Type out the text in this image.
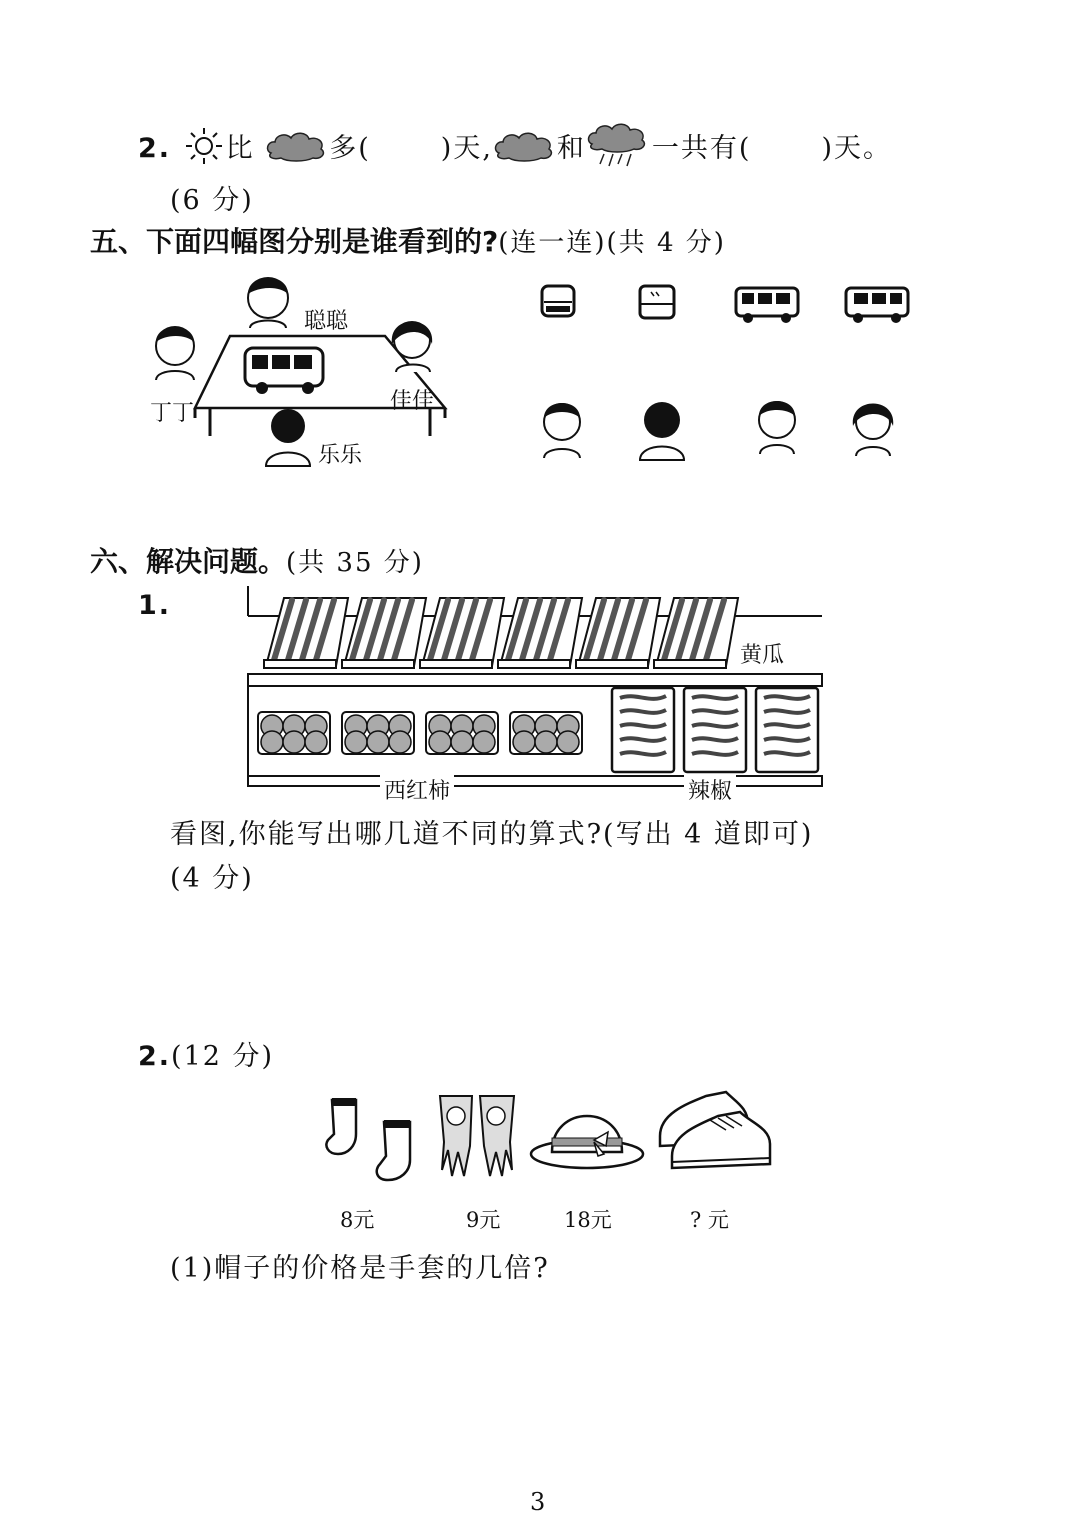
2. 比	多(	)天, 和 一共有(	)天。
(6 分)
五、下面四幅图分别是谁看到的?(连一连)(共 4 分)
聪聪
佳佳
丁丁
乐乐
六、解决问题。(共 35 分)
1.
黄瓜
西红柿	辣椒
看图,你能写出哪几道不同的算式?(写出 4 道即可)
(4 分)
2.(12 分)
8元	9元	18元	? 元
(1)帽子的价格是手套的几倍?
3
